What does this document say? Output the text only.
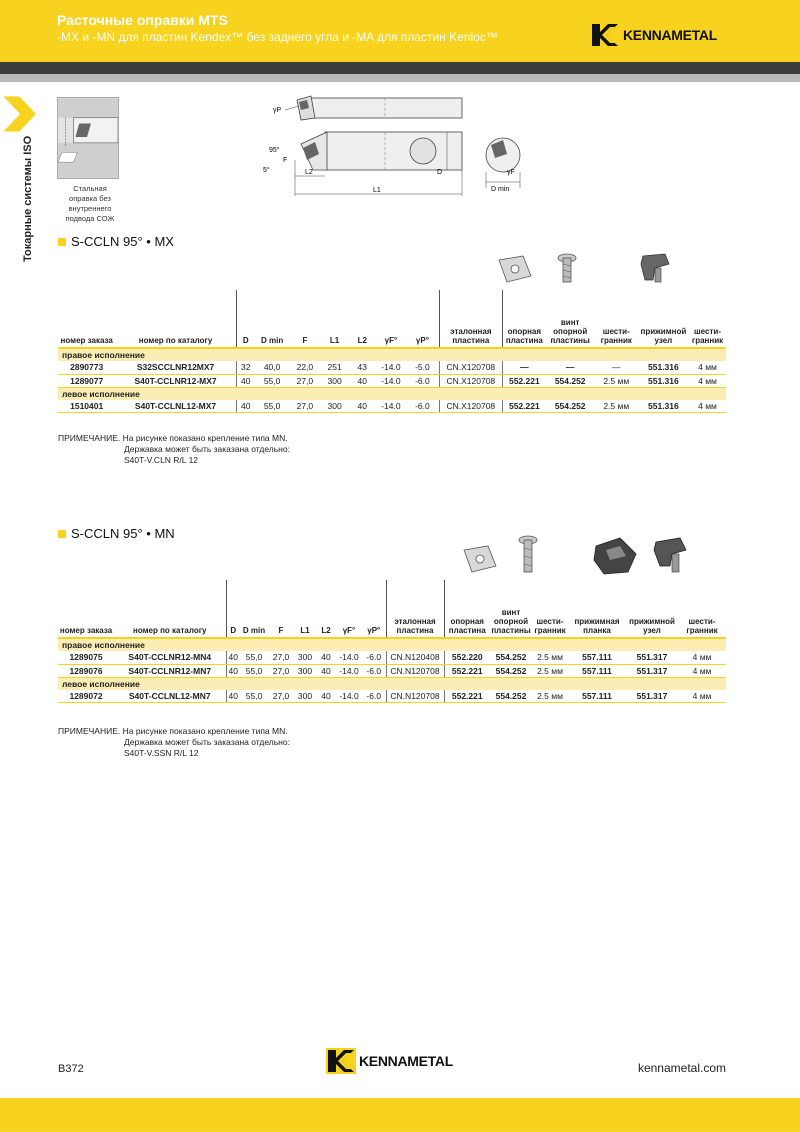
Расточные оправки MTS
-MX и -MN для пластин Kendex™ без заднего угла и -MA для пластин Kenloc™	KENNAMETAL
Токарные системы ISO	Стальная
оправка без
внутреннего
подвода СОЖ
γP
95°
F
5°	L2
L1
D	γF
D min
S-CCLN 95° • MX
номер заказа	номер по каталогу	D	D min	F	L1	L2	γF°	γP°	эталонная пластина	опорная пластина	винт опорной пластины	шести-гранник	прижимной узел	шести-гранник
правое исполнение														
2890773	S32SCCLNR12MX7	32	40,0	22,0	251	43	-14.0	-5.0	CN.X120708	—	—	—	551.316	4 мм
1289077	S40T-CCLNR12-MX7	40	55,0	27,0	300	40	-14.0	-6.0	CN.X120708	552.221	554.252	2.5 мм	551.316	4 мм
левое исполнение														
1510401	S40T-CCLNL12-MX7	40	55,0	27,0	300	40	-14.0	-6.0	CN.X120708	552.221	554.252	2.5 мм	551.316	4 мм
ПРИМЕЧАНИЕ. На рисунке показано крепление типа MN.
Державка может быть заказана отдельно:
S40T-V.CLN R/L 12
S-CCLN 95° • MN
номер заказа	номер по каталогу	D	D min	F	L1	L2	γF°	γP°	эталонная пластина	опорная пластина	винт опорной пластины	шести-гранник	прижимная планка	прижимной узел	шести-гранник
правое исполнение															
1289075	S40T-CCLNR12-MN4	40	55,0	27,0	300	40	-14.0	-6.0	CN.N120408	552.220	554.252	2.5 мм	557.111	551.317	4 мм
1289076	S40T-CCLNR12-MN7	40	55,0	27,0	300	40	-14.0	-6.0	CN.N120708	552.221	554.252	2.5 мм	557.111	551.317	4 мм
левое исполнение															
1289072	S40T-CCLNL12-MN7	40	55,0	27,0	300	40	-14.0	-6.0	CN.N120708	552.221	554.252	2.5 мм	557.111	551.317	4 мм
ПРИМЕЧАНИЕ. На рисунке показано крепление типа MN.
Державка может быть заказана отдельно:
S40T-V.SSN R/L 12
B372	KENNAMETAL	kennametal.com
